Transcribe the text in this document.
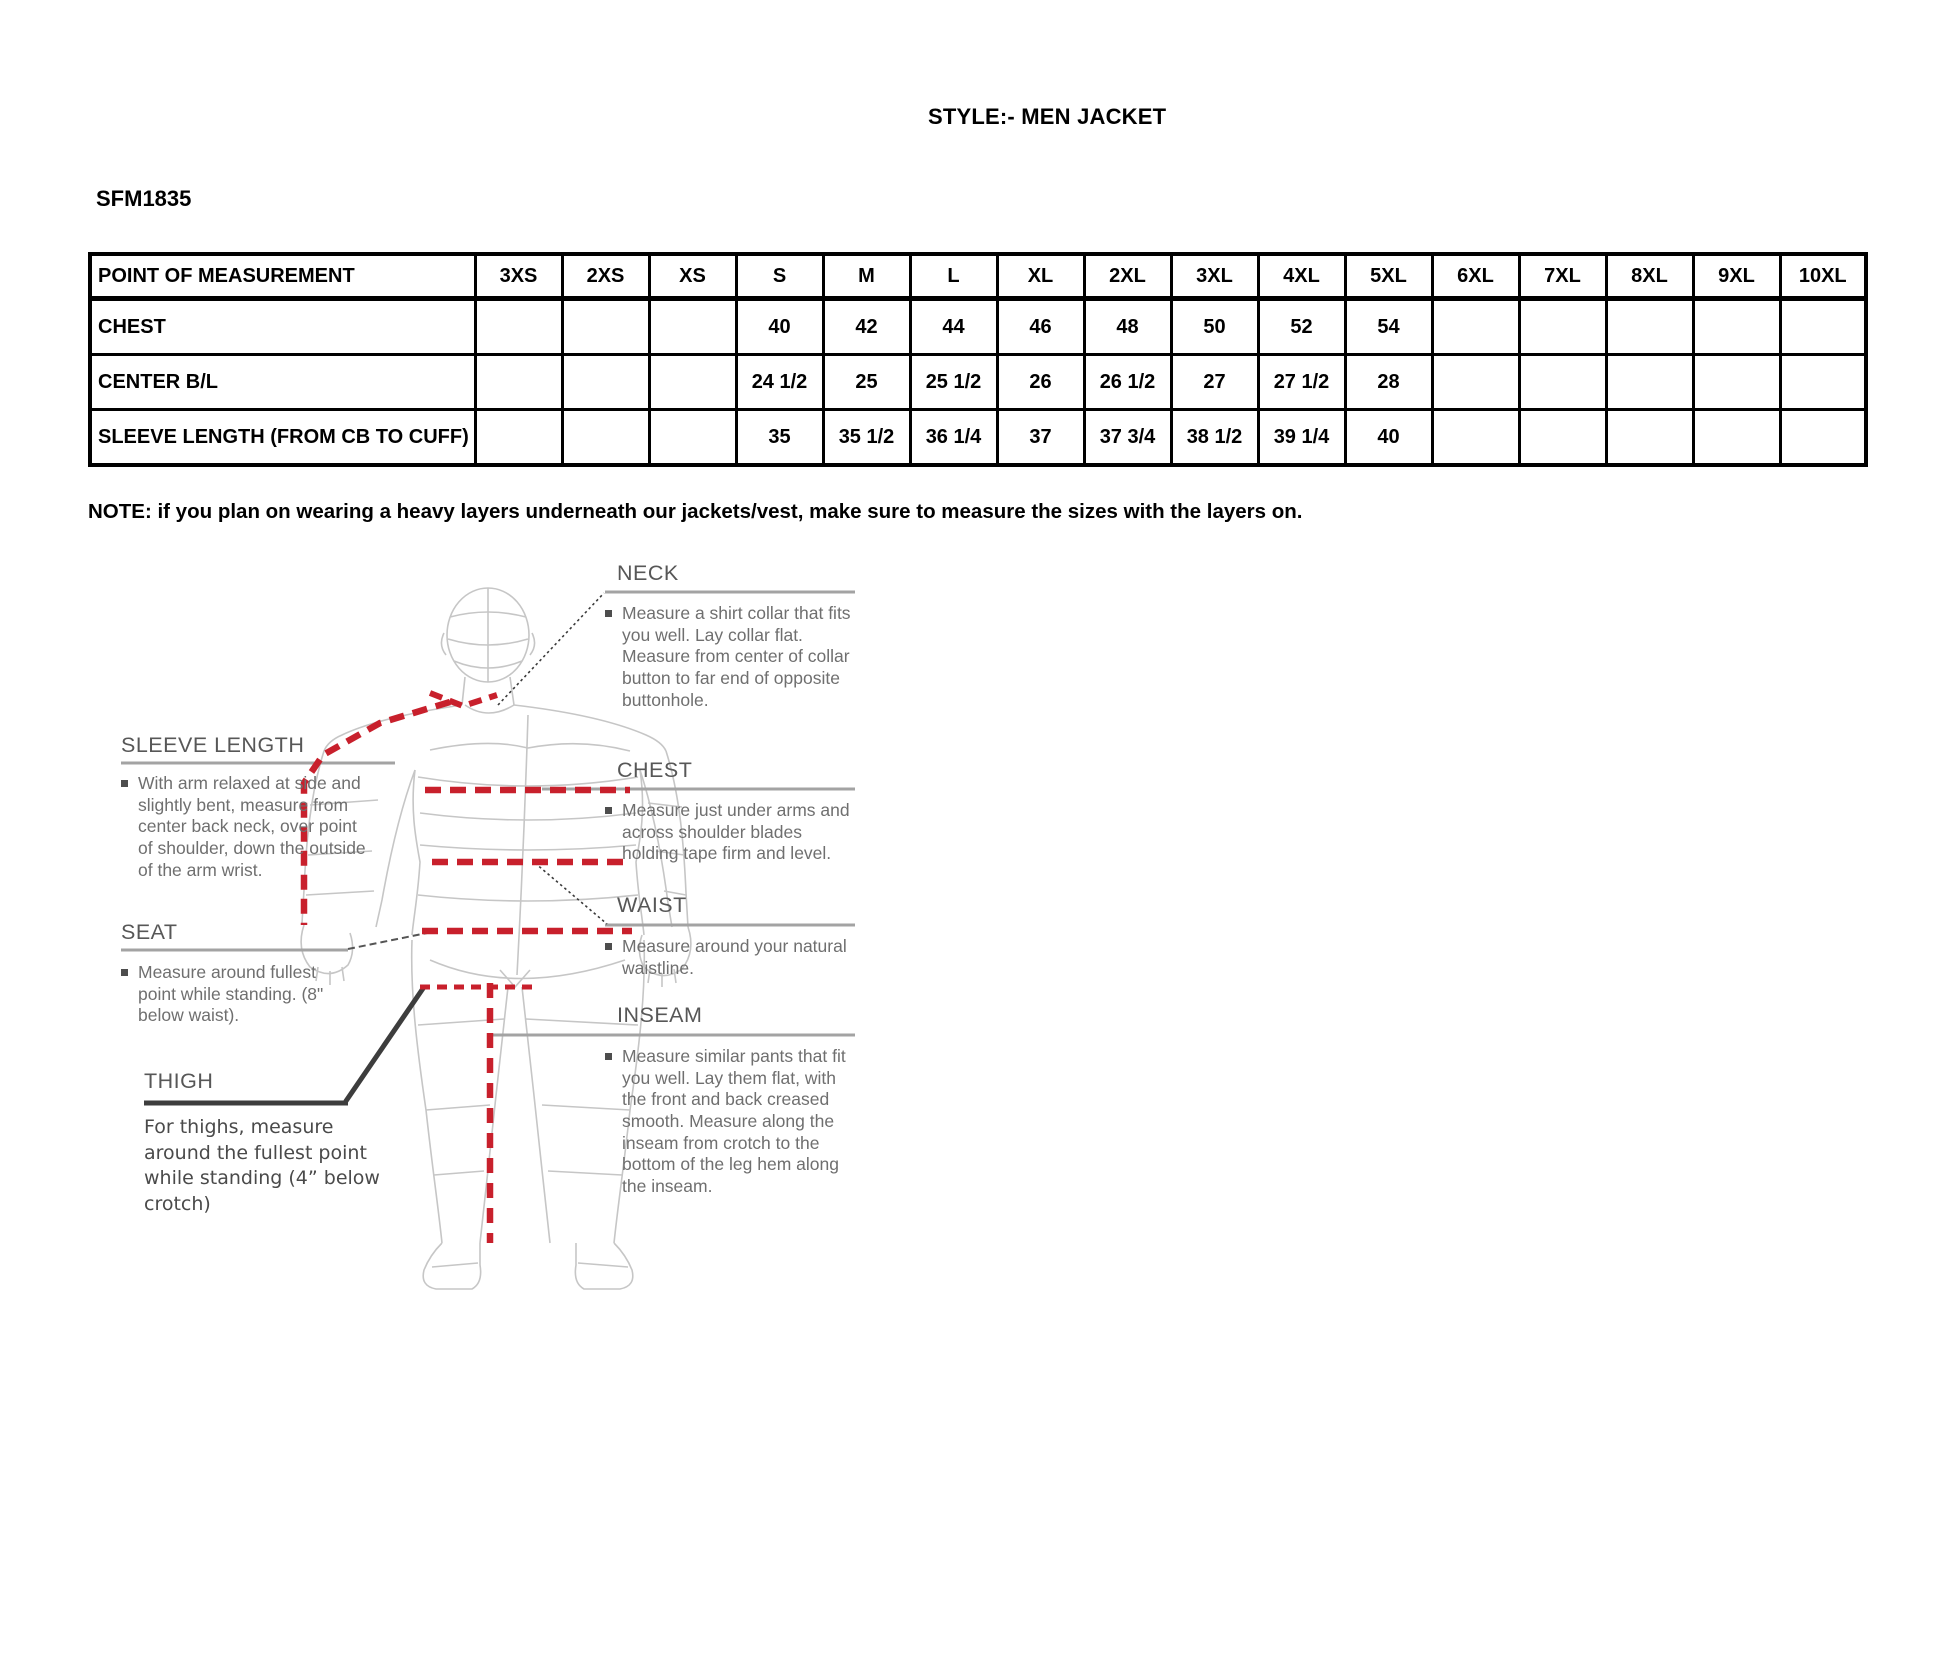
STYLE:- MEN JACKET
SFM1835
POINT OF MEASUREMENT	3XS	2XS	XS	S	M	L	XL	2XL	3XL	4XL	5XL	6XL	7XL	8XL	9XL	10XL
CHEST				40	42	44	46	48	50	52	54					
CENTER B/L				24 1/2	25	25 1/2	26	26 1/2	27	27 1/2	28					
SLEEVE LENGTH (FROM CB TO CUFF)				35	35 1/2	36 1/4	37	37 3/4	38 1/2	39 1/4	40					
NOTE: if you plan on wearing a heavy layers underneath our jackets/vest, make sure to measure the sizes with the layers on.
NECK
Measure a shirt collar that fits you well. Lay collar flat. Measure from center of collar button to far end of opposite buttonhole.
SLEEVE LENGTH
With arm relaxed at side and slightly bent, measure from center back neck, over point of shoulder, down the outside of the arm wrist.
CHEST
Measure just under arms and across shoulder blades holding tape firm and level.
WAIST
Measure around your natural waistline.
SEAT
Measure around fullest point while standing. (8" below waist).
THIGH
For thighs, measure around the fullest point while standing (4” below crotch)
INSEAM
Measure similar pants that fit you well. Lay them flat, with the front and back creased smooth. Measure along the inseam from crotch to the bottom of the leg hem along the inseam.
